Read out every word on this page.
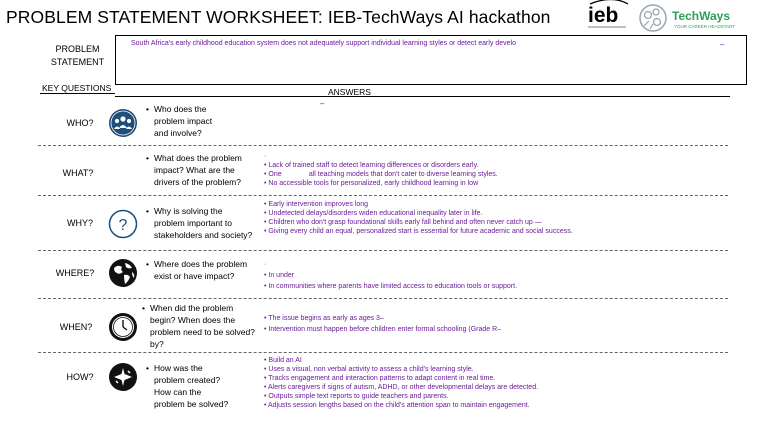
PROBLEM STATEMENT WORKSHEET: IEB-TechWays AI hackathon ieb	TechWays
YOUR CAREER HEADSTART
PROBLEM
STATEMENT
South Africa's early childhood education system does not adequately support individual learning styles or detect early develo	–
KEY QUESTIONS	ANSWERS
–
WHO?
• Who does the
problem impact
and involve?
WHAT?
• What does the problem
impact? What are the
drivers of the problem?
·
• Lack of trained staff to detect learning differences or disorders early.
• One              all teaching models that don't cater to diverse learning styles.
• No accessible tools for personalized, early childhood learning in low
WHY?	?
• Why is solving the
problem important to
stakeholders and society?
• Early intervention improves long
• Undetected delays/disorders widen educational inequality later in life.
• Children who don't grasp foundational skills early fall behind and often never catch up —
• Giving every child an equal, personalized start is essential for future academic and social success.
WHERE?
• Where does the problem
exist or have impact?
·
• In under
• In communities where parents have limited access to education tools or support.
WHEN?
• When did the problem
begin? When does the
problem need to be solved?
by?
• The issue begins as early as ages 3–
• Intervention must happen before children enter formal schooling (Grade R–
HOW?
• How was the
problem created?
How can the
problem be solved?
• Build an AI
• Uses a visual, non verbal activity to assess a child's learning style.
• Tracks engagement and interaction patterns to adapt content in real time.
• Alerts caregivers if signs of autism, ADHD, or other developmental delays are detected.
• Outputs simple text reports to guide teachers and parents.
• Adjusts session lengths based on the child's attention span to maintain engagement.
